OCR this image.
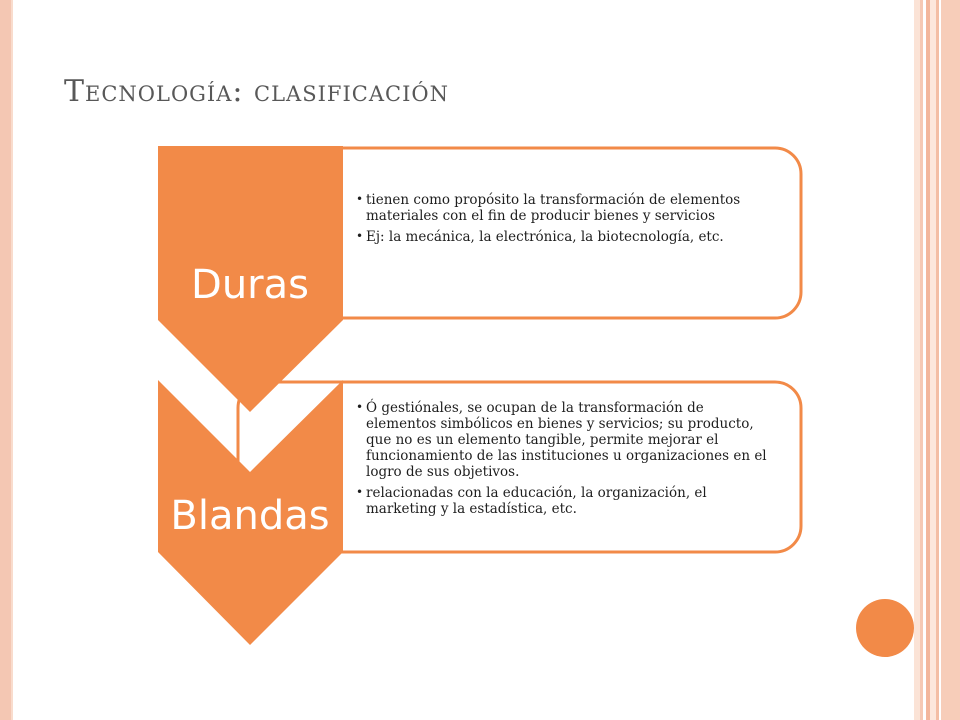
Tecnología: clasificación
Duras
Blandas
• tienen como propósito la transformación de elementos materiales con el fin de producir bienes y servicios
• Ej: la mecánica, la electrónica, la biotecnología, etc.
• Ó gestiónales, se ocupan de la transformación de elementos simbólicos en bienes y servicios; su producto, que no es un elemento tangible, permite mejorar el funcionamiento de las instituciones u organizaciones en el logro de sus objetivos.
• relacionadas con la educación, la organización, el marketing y la estadística, etc.
